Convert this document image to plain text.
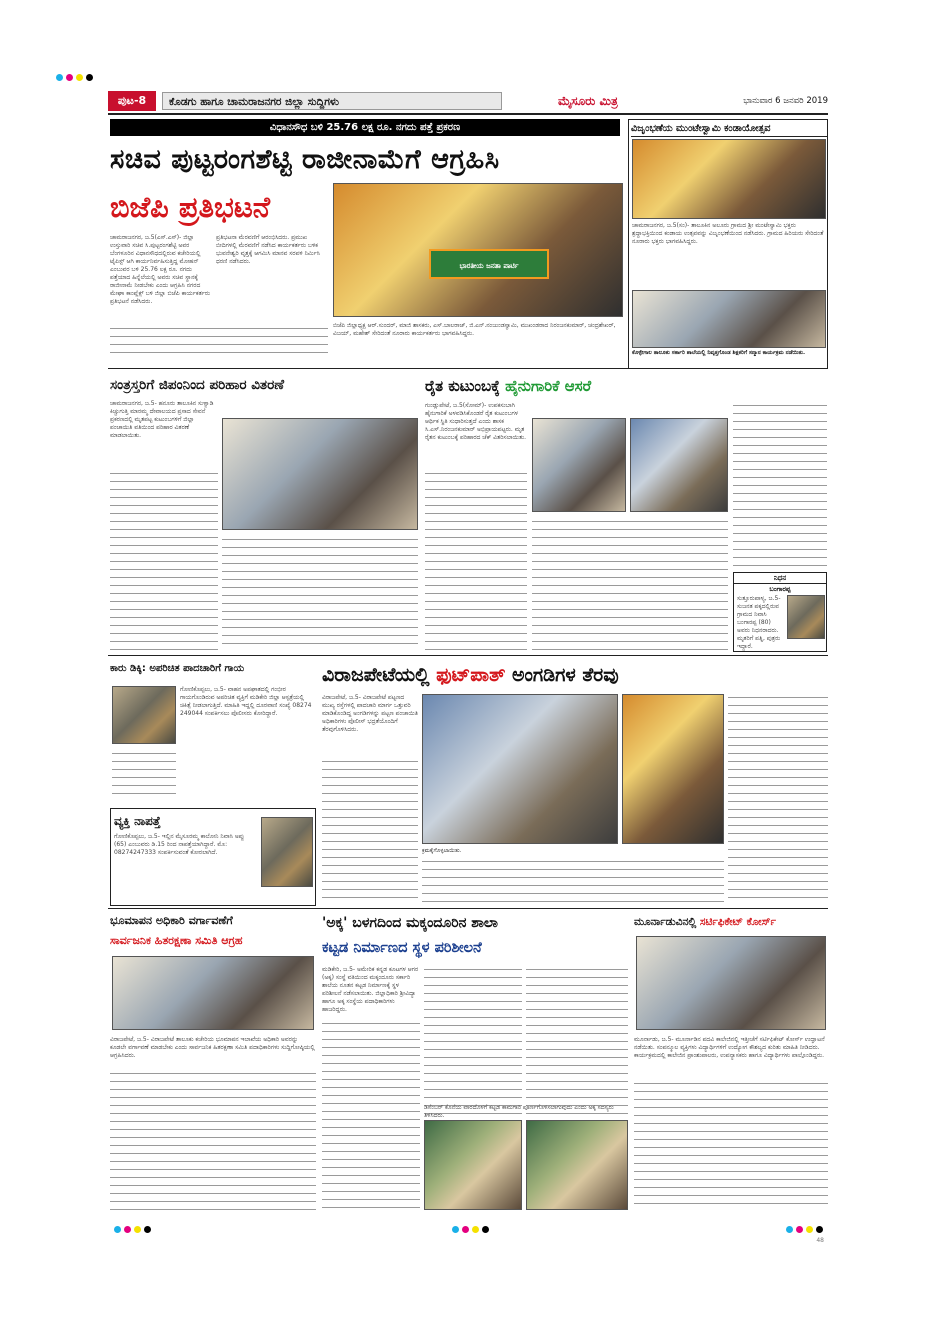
ಪುಟ-8	ಕೊಡಗು ಹಾಗೂ ಚಾಮರಾಜನಗರ ಜಿಲ್ಲಾ ಸುದ್ದಿಗಳು	ಮೈಸೂರು ಮಿತ್ರ	ಭಾನುವಾರ 6 ಜನವರಿ 2019
ವಿಧಾನಸೌಧ ಬಳಿ 25.76 ಲಕ್ಷ ರೂ. ನಗದು ಪತ್ತೆ ಪ್ರಕರಣ
ಸಚಿವ ಪುಟ್ಟರಂಗಶೆಟ್ಟಿ ರಾಜೀನಾಮೆಗೆ ಆಗ್ರಹಿಸಿ
ಬಿಜೆಪಿ ಪ್ರತಿಭಟನೆ
ಭಾರತೀಯ ಜನತಾ ಪಾರ್ಟಿ
ಚಾಮರಾಜನಗರ, ಜ.5(ಎಸ್.ಎಸ್)- ಜಿಲ್ಲಾ ಉಸ್ತುವಾರಿ ಸಚಿವ ಸಿ.ಪುಟ್ಟರಂಗಶೆಟ್ಟಿ ಅವರ ಬೆಂಗಳೂರಿನ ವಿಧಾನಸೌಧದಲ್ಲಿರುವ ಕಚೇರಿಯಲ್ಲಿ ಟೈಪಿಸ್ಟ್ ಆಗಿ ಕಾರ್ಯನಿರ್ವಹಿಸುತ್ತಿದ್ದ ಮೋಹನ್ ಎಂಬುವರ ಬಳಿ 25.76 ಲಕ್ಷ ರೂ. ನಗದು ಪತ್ತೆಯಾದ ಹಿನ್ನೆಲೆಯಲ್ಲಿ ಅವರು ಸಚಿವ ಸ್ಥಾನಕ್ಕೆ ರಾಜೀನಾಮೆ ನೀಡಬೇಕು ಎಂದು ಆಗ್ರಹಿಸಿ ನಗರದ ಮೇಘಾ ಕಾಂಪ್ಲೆಕ್ಸ್ ಬಳಿ ಜಿಲ್ಲಾ ಬಿಜೆಪಿ ಕಾರ್ಯಕರ್ತರು ಪ್ರತಿಭಟನೆ ನಡೆಸಿದರು.
ಪ್ರತಿಭಟನಾ ಮೆರವಣಿಗೆ ಆರಂಭಿಸಿದರು. ಪ್ರಮುಖ ಬೀದಿಗಳಲ್ಲಿ ಮೆರವಣಿಗೆ ನಡೆಸಿದ ಕಾರ್ಯಕರ್ತರು ಬಳಿಕ ಭುವನೇಶ್ವರಿ ವೃತ್ತಕ್ಕೆ ಆಗಮಿಸಿ ಮಾನವ ಸರಪಳಿ ನಿರ್ಮಿಸಿ ಧರಣಿ ನಡೆಸಿದರು.
ಬಿಜೆಪಿ ಜಿಲ್ಲಾಧ್ಯಕ್ಷ ಆರ್.ಸುಂದರ್, ಮಾಜಿ ಶಾಸಕರು, ಎಸ್.ಬಾಲರಾಜ್, ಜಿ.ಎನ್.ನಂಜುಂಡಸ್ವಾಮಿ, ಮುಖಂಡರಾದ ನಿರಂಜನಕುಮಾರ್, ಚಂದ್ರಶೇಖರ್, ವಿಜಯ್, ಮಹೇಶ್ ಸೇರಿದಂತೆ ನೂರಾರು ಕಾರ್ಯಕರ್ತರು ಭಾಗವಹಿಸಿದ್ದರು.
ವಿಜೃಂಭಣೆಯ ಮುಂಟೇಸ್ವಾಮಿ ಕಂಡಾಯೋತ್ಸವ
ಚಾಮರಾಜನಗರ, ಜ.5(ಸಂ)- ತಾಲೂಕಿನ ಅಲೂರು ಗ್ರಾಮದ ಶ್ರೀ ಮಂಟೇಸ್ವಾಮಿ ಭಕ್ತರು ಶ್ರದ್ಧಾಭಕ್ತಿಯಿಂದ ಕಂಡಾಯ ಉತ್ಸವವನ್ನು ವಿಜೃಂಭಣೆಯಿಂದ ನಡೆಸಿದರು. ಗ್ರಾಮದ ಹಿರಿಯರು ಸೇರಿದಂತೆ ನೂರಾರು ಭಕ್ತರು ಭಾಗವಹಿಸಿದ್ದರು.
ಕೊಳ್ಳೇಗಾಲ ತಾಲೂಕು ಸರ್ಕಾರಿ ಶಾಲೆಯಲ್ಲಿ ನಿವೃತ್ತಗೊಂಡ ಶಿಕ್ಷಕರಿಗೆ ಸನ್ಮಾನ ಕಾರ್ಯಕ್ರಮ ನಡೆಯಿತು.
ಸಂತ್ರಸ್ತರಿಗೆ ಜಿಪಂನಿಂದ ಪರಿಹಾರ ವಿತರಣೆ
ಚಾಮರಾಜನಗರ, ಜ.5- ಹನೂರು ತಾಲೂಕಿನ ಸುಳ್ವಾಡಿ ಕಿಚ್ಚುಗುತ್ತಿ ಮಾರಮ್ಮ ದೇವಾಲಯದ ಪ್ರಸಾದ ಸೇವನೆ ಪ್ರಕರಣದಲ್ಲಿ ಮೃತಪಟ್ಟ ಕುಟುಂಬಗಳಿಗೆ ಜಿಲ್ಲಾ ಪಂಚಾಯಿತಿ ವತಿಯಿಂದ ಪರಿಹಾರ ವಿತರಣೆ ಮಾಡಲಾಯಿತು.
ರೈತ ಕುಟುಂಬಕ್ಕೆ ಹೈನುಗಾರಿಕೆ ಆಸರೆ
ಗುಂಡ್ಲುಪೇಟೆ, ಜ.5(ಸೋಮ್)- ಉಪಕಸುಬಾಗಿ ಹೈನುಗಾರಿಕೆ ಅಳವಡಿಸಿಕೊಂಡರೆ ರೈತ ಕುಟುಂಬಗಳ ಆರ್ಥಿಕ ಸ್ಥಿತಿ ಸುಧಾರಿಸುತ್ತದೆ ಎಂದು ಶಾಸಕ ಸಿ.ಎಸ್.ನಿರಂಜನಕುಮಾರ್ ಅಭಿಪ್ರಾಯಪಟ್ಟರು. ಮೃತ ರೈತನ ಕುಟುಂಬಕ್ಕೆ ಪರಿಹಾರದ ಚೆಕ್ ವಿತರಿಸಲಾಯಿತು.
ನಿಧನ
ಬಂಗಾರಪ್ಪ
ಸುತ್ತೂರುಪಾಳ್ಯ, ಜ.5- ಸುಜನತ ಪಕ್ಕದಲ್ಲಿರುವ ಗ್ರಾಮದ ನಿವಾಸಿ ಬಂಗಾರಪ್ಪ (80) ಅವರು ನಿಧನರಾದರು. ಮೃತರಿಗೆ ಪತ್ನಿ, ಪುತ್ರರು ಇದ್ದಾರೆ.
ಕಾರು ಡಿಕ್ಕಿ: ಅಪರಿಚಿತ ಪಾದಚಾರಿಗೆ ಗಾಯ
ಗೋಣಿಕೊಪ್ಪಲು, ಜ.5- ವಾಹನ ಅಪಘಾತದಲ್ಲಿ ಗಂಭೀರ ಗಾಯಗೊಂಡಿರುವ ಅಪರಿಚಿತ ವ್ಯಕ್ತಿಗೆ ಮಡಿಕೇರಿ ಜಿಲ್ಲಾ ಆಸ್ಪತ್ರೆಯಲ್ಲಿ ಚಿಕಿತ್ಸೆ ನೀಡಲಾಗುತ್ತಿದೆ. ಮಾಹಿತಿ ಇದ್ದಲ್ಲಿ ದೂರವಾಣಿ ಸಂಖ್ಯೆ 08274 249044 ಸಂಪರ್ಕಿಸಲು ಪೊಲೀಸರು ಕೋರಿದ್ದಾರೆ.
ವ್ಯಕ್ತಿ ನಾಪತ್ತೆ
ಗೋಣಿಕೊಪ್ಪಲು, ಜ.5- ಇಲ್ಲಿನ ಮೈಸೂರಮ್ಮ ಕಾಲೋನಿ ನಿವಾಸಿ ಅಪ್ಪು (65) ಎಂಬುವರು ಡಿ.15 ರಿಂದ ನಾಪತ್ತೆಯಾಗಿದ್ದಾರೆ. ಮೊ: 08274247333 ಸಂಪರ್ಕಿಸುವಂತೆ ಕೋರಲಾಗಿದೆ.
ವಿರಾಜಪೇಟೆಯಲ್ಲಿ ಫುಟ್‌ಪಾತ್ ಅಂಗಡಿಗಳ ತೆರವು
ವಿರಾಜಪೇಟೆ, ಜ.5- ವಿರಾಜಪೇಟೆ ಪಟ್ಟಣದ ಮುಖ್ಯ ರಸ್ತೆಗಳಲ್ಲಿ ಪಾದಚಾರಿ ಮಾರ್ಗ ಒತ್ತುವರಿ ಮಾಡಿಕೊಂಡಿದ್ದ ಅಂಗಡಿಗಳನ್ನು ಪಟ್ಟಣ ಪಂಚಾಯಿತಿ ಅಧಿಕಾರಿಗಳು ಪೊಲೀಸ್ ಭದ್ರತೆಯೊಂದಿಗೆ ತೆರವುಗೊಳಿಸಿದರು.
ಕ್ರಮಕೈಗೊಳ್ಳಲಾಯಿತು.
ಭೂಮಾಪನ ಅಧಿಕಾರಿ ವರ್ಗಾವಣೆಗೆ
ಸಾರ್ವಜನಿಕ ಹಿತರಕ್ಷಣಾ ಸಮಿತಿ ಆಗ್ರಹ
ವಿರಾಜಪೇಟೆ, ಜ.5- ವಿರಾಜಪೇಟೆ ತಾಲೂಕು ಕಚೇರಿಯ ಭೂಮಾಪನ ಇಲಾಖೆಯ ಅಧಿಕಾರಿ ಅವರನ್ನು ಕೂಡಲೇ ವರ್ಗಾವಣೆ ಮಾಡಬೇಕು ಎಂದು ಸಾರ್ವಜನಿಕ ಹಿತರಕ್ಷಣಾ ಸಮಿತಿ ಪದಾಧಿಕಾರಿಗಳು ಸುದ್ದಿಗೋಷ್ಠಿಯಲ್ಲಿ ಆಗ್ರಹಿಸಿದರು.
'ಅಕ್ಕ' ಬಳಗದಿಂದ ಮಕ್ಕಂದೂರಿನ ಶಾಲಾ
ಕಟ್ಟಡ ನಿರ್ಮಾಣದ ಸ್ಥಳ ಪರಿಶೀಲನೆ
ಮಡಿಕೇರಿ, ಜ.5- ಅಮೇರಿಕ ಕನ್ನಡ ಕೂಟಗಳ ಆಗರ (ಅಕ್ಕ) ಸಂಸ್ಥೆ ವತಿಯಿಂದ ಮಕ್ಕಂದೂರು ಸರ್ಕಾರಿ ಶಾಲೆಯ ನೂತನ ಕಟ್ಟಡ ನಿರ್ಮಾಣಕ್ಕೆ ಸ್ಥಳ ಪರಿಶೀಲನೆ ನಡೆಸಲಾಯಿತು. ಜಿಲ್ಲಾಧಿಕಾರಿ ಶ್ರೀವಿದ್ಯಾ ಹಾಗೂ ಅಕ್ಕ ಸಂಸ್ಥೆಯ ಪದಾಧಿಕಾರಿಗಳು ಹಾಜರಿದ್ದರು.
ಡಿಸೆಂಬರ್ ಕೊನೆಯ ವಾರದೊಳಗೆ ಕಟ್ಟಡ ಕಾಮಗಾರಿ ಪೂರ್ಣಗೊಳಿಸಲಾಗುವುದು ಎಂದು ಅಕ್ಕ ಸದಸ್ಯರು ತಿಳಿಸಿದರು.
ಮೂರ್ನಾಡುವಿನಲ್ಲಿ ಸರ್ಟಿಫಿಕೇಟ್ ಕೋರ್ಸ್
ಮೂರ್ನಾಡು, ಜ.5- ಮೂರ್ನಾಡಿನ ಪದವಿ ಕಾಲೇಜಿನಲ್ಲಿ ಇತ್ತೀಚೆಗೆ ಸರ್ಟಿಫಿಕೇಟ್ ಕೋರ್ಸ್ ಉದ್ಘಾಟನೆ ನಡೆಯಿತು. ಸಂಪನ್ಮೂಲ ವ್ಯಕ್ತಿಗಳು ವಿದ್ಯಾರ್ಥಿಗಳಿಗೆ ಉದ್ಯೋಗ ಕೌಶಲ್ಯದ ಕುರಿತು ಮಾಹಿತಿ ನೀಡಿದರು. ಕಾರ್ಯಕ್ರಮದಲ್ಲಿ ಕಾಲೇಜಿನ ಪ್ರಾಂಶುಪಾಲರು, ಉಪನ್ಯಾಸಕರು ಹಾಗೂ ವಿದ್ಯಾರ್ಥಿಗಳು ಪಾಲ್ಗೊಂಡಿದ್ದರು.
48
